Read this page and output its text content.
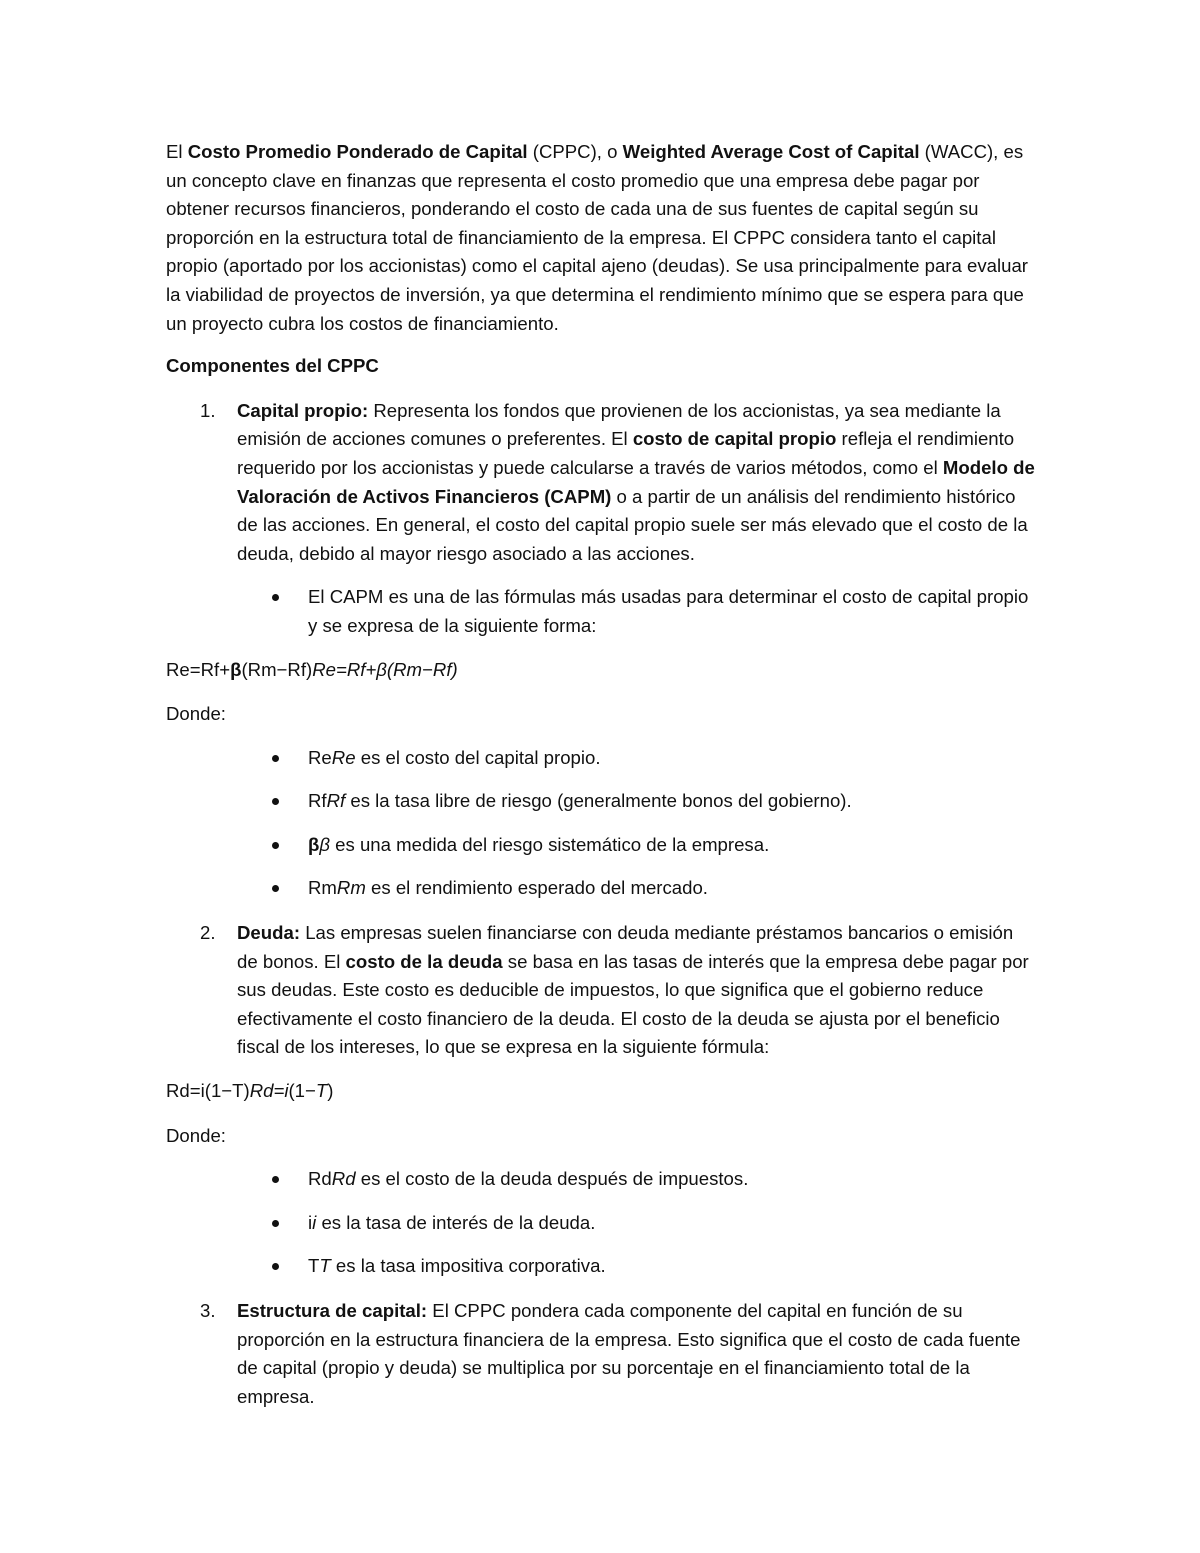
El Costo Promedio Ponderado de Capital (CPPC), o Weighted Average Cost of Capital (WACC), es un concepto clave en finanzas que representa el costo promedio que una empresa debe pagar por obtener recursos financieros, ponderando el costo de cada una de sus fuentes de capital según su proporción en la estructura total de financiamiento de la empresa. El CPPC considera tanto el capital propio (aportado por los accionistas) como el capital ajeno (deudas). Se usa principalmente para evaluar la viabilidad de proyectos de inversión, ya que determina el rendimiento mínimo que se espera para que un proyecto cubra los costos de financiamiento.

Componentes del CPPC

1. Capital propio: Representa los fondos que provienen de los accionistas, ya sea mediante la emisión de acciones comunes o preferentes. El costo de capital propio refleja el rendimiento requerido por los accionistas y puede calcularse a través de varios métodos, como el Modelo de Valoración de Activos Financieros (CAPM) o a partir de un análisis del rendimiento histórico de las acciones. En general, el costo del capital propio suele ser más elevado que el costo de la deuda, debido al mayor riesgo asociado a las acciones.

El CAPM es una de las fórmulas más usadas para determinar el costo de capital propio y se expresa de la siguiente forma:

Re=Rf+β(Rm−Rf)Re=Rf+β(Rm−Rf)

Donde:

ReRe es el costo del capital propio.

RfRf es la tasa libre de riesgo (generalmente bonos del gobierno).

ββ es una medida del riesgo sistemático de la empresa.

RmRm es el rendimiento esperado del mercado.

2. Deuda: Las empresas suelen financiarse con deuda mediante préstamos bancarios o emisión de bonos. El costo de la deuda se basa en las tasas de interés que la empresa debe pagar por sus deudas. Este costo es deducible de impuestos, lo que significa que el gobierno reduce efectivamente el costo financiero de la deuda. El costo de la deuda se ajusta por el beneficio fiscal de los intereses, lo que se expresa en la siguiente fórmula:

Rd=i(1−T)Rd=i(1−T)

Donde:

RdRd es el costo de la deuda después de impuestos.

ii es la tasa de interés de la deuda.

TT es la tasa impositiva corporativa.

3. Estructura de capital: El CPPC pondera cada componente del capital en función de su proporción en la estructura financiera de la empresa. Esto significa que el costo de cada fuente de capital (propio y deuda) se multiplica por su porcentaje en el financiamiento total de la empresa.
